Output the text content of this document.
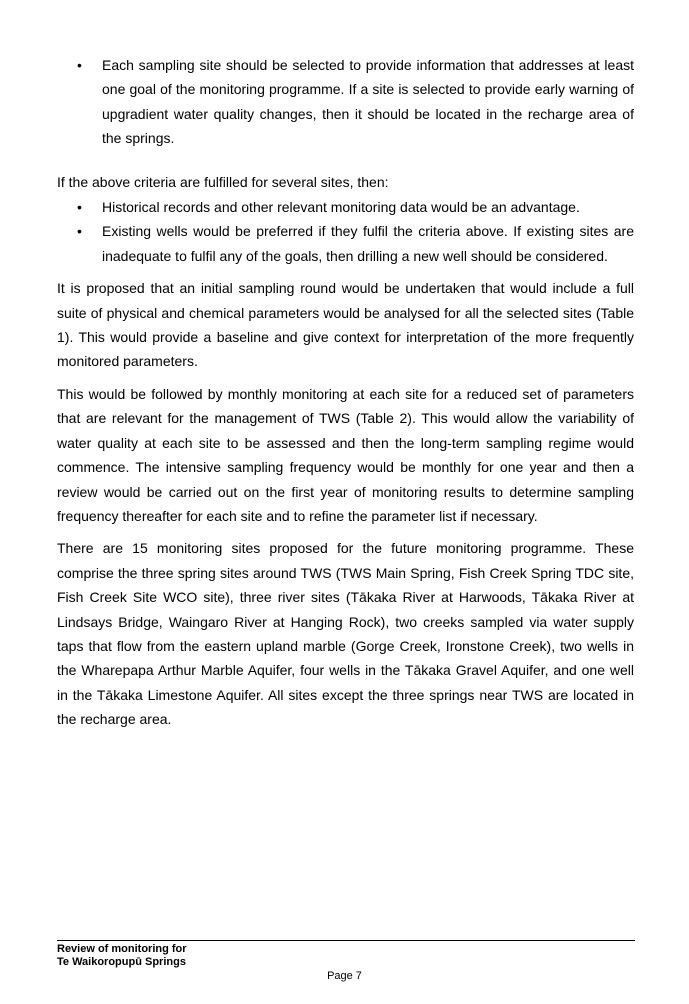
• Each sampling site should be selected to provide information that addresses at least one goal of the monitoring programme. If a site is selected to provide early warning of upgradient water quality changes, then it should be located in the recharge area of the springs.

If the above criteria are fulfilled for several sites, then:

• Historical records and other relevant monitoring data would be an advantage.
• Existing wells would be preferred if they fulfil the criteria above. If existing sites are inadequate to fulfil any of the goals, then drilling a new well should be considered.

It is proposed that an initial sampling round would be undertaken that would include a full suite of physical and chemical parameters would be analysed for all the selected sites (Table 1). This would provide a baseline and give context for interpretation of the more frequently monitored parameters.

This would be followed by monthly monitoring at each site for a reduced set of parameters that are relevant for the management of TWS (Table 2). This would allow the variability of water quality at each site to be assessed and then the long-term sampling regime would commence. The intensive sampling frequency would be monthly for one year and then a review would be carried out on the first year of monitoring results to determine sampling frequency thereafter for each site and to refine the parameter list if necessary.

There are 15 monitoring sites proposed for the future monitoring programme. These comprise the three spring sites around TWS (TWS Main Spring, Fish Creek Spring TDC site, Fish Creek Site WCO site), three river sites (Tākaka River at Harwoods, Tākaka River at Lindsays Bridge, Waingaro River at Hanging Rock), two creeks sampled via water supply taps that flow from the eastern upland marble (Gorge Creek, Ironstone Creek), two wells in the Wharepapa Arthur Marble Aquifer, four wells in the Tākaka Gravel Aquifer, and one well in the Tākaka Limestone Aquifer. All sites except the three springs near TWS are located in the recharge area.

Review of monitoring for
Te Waikoropupū Springs
Page 7
